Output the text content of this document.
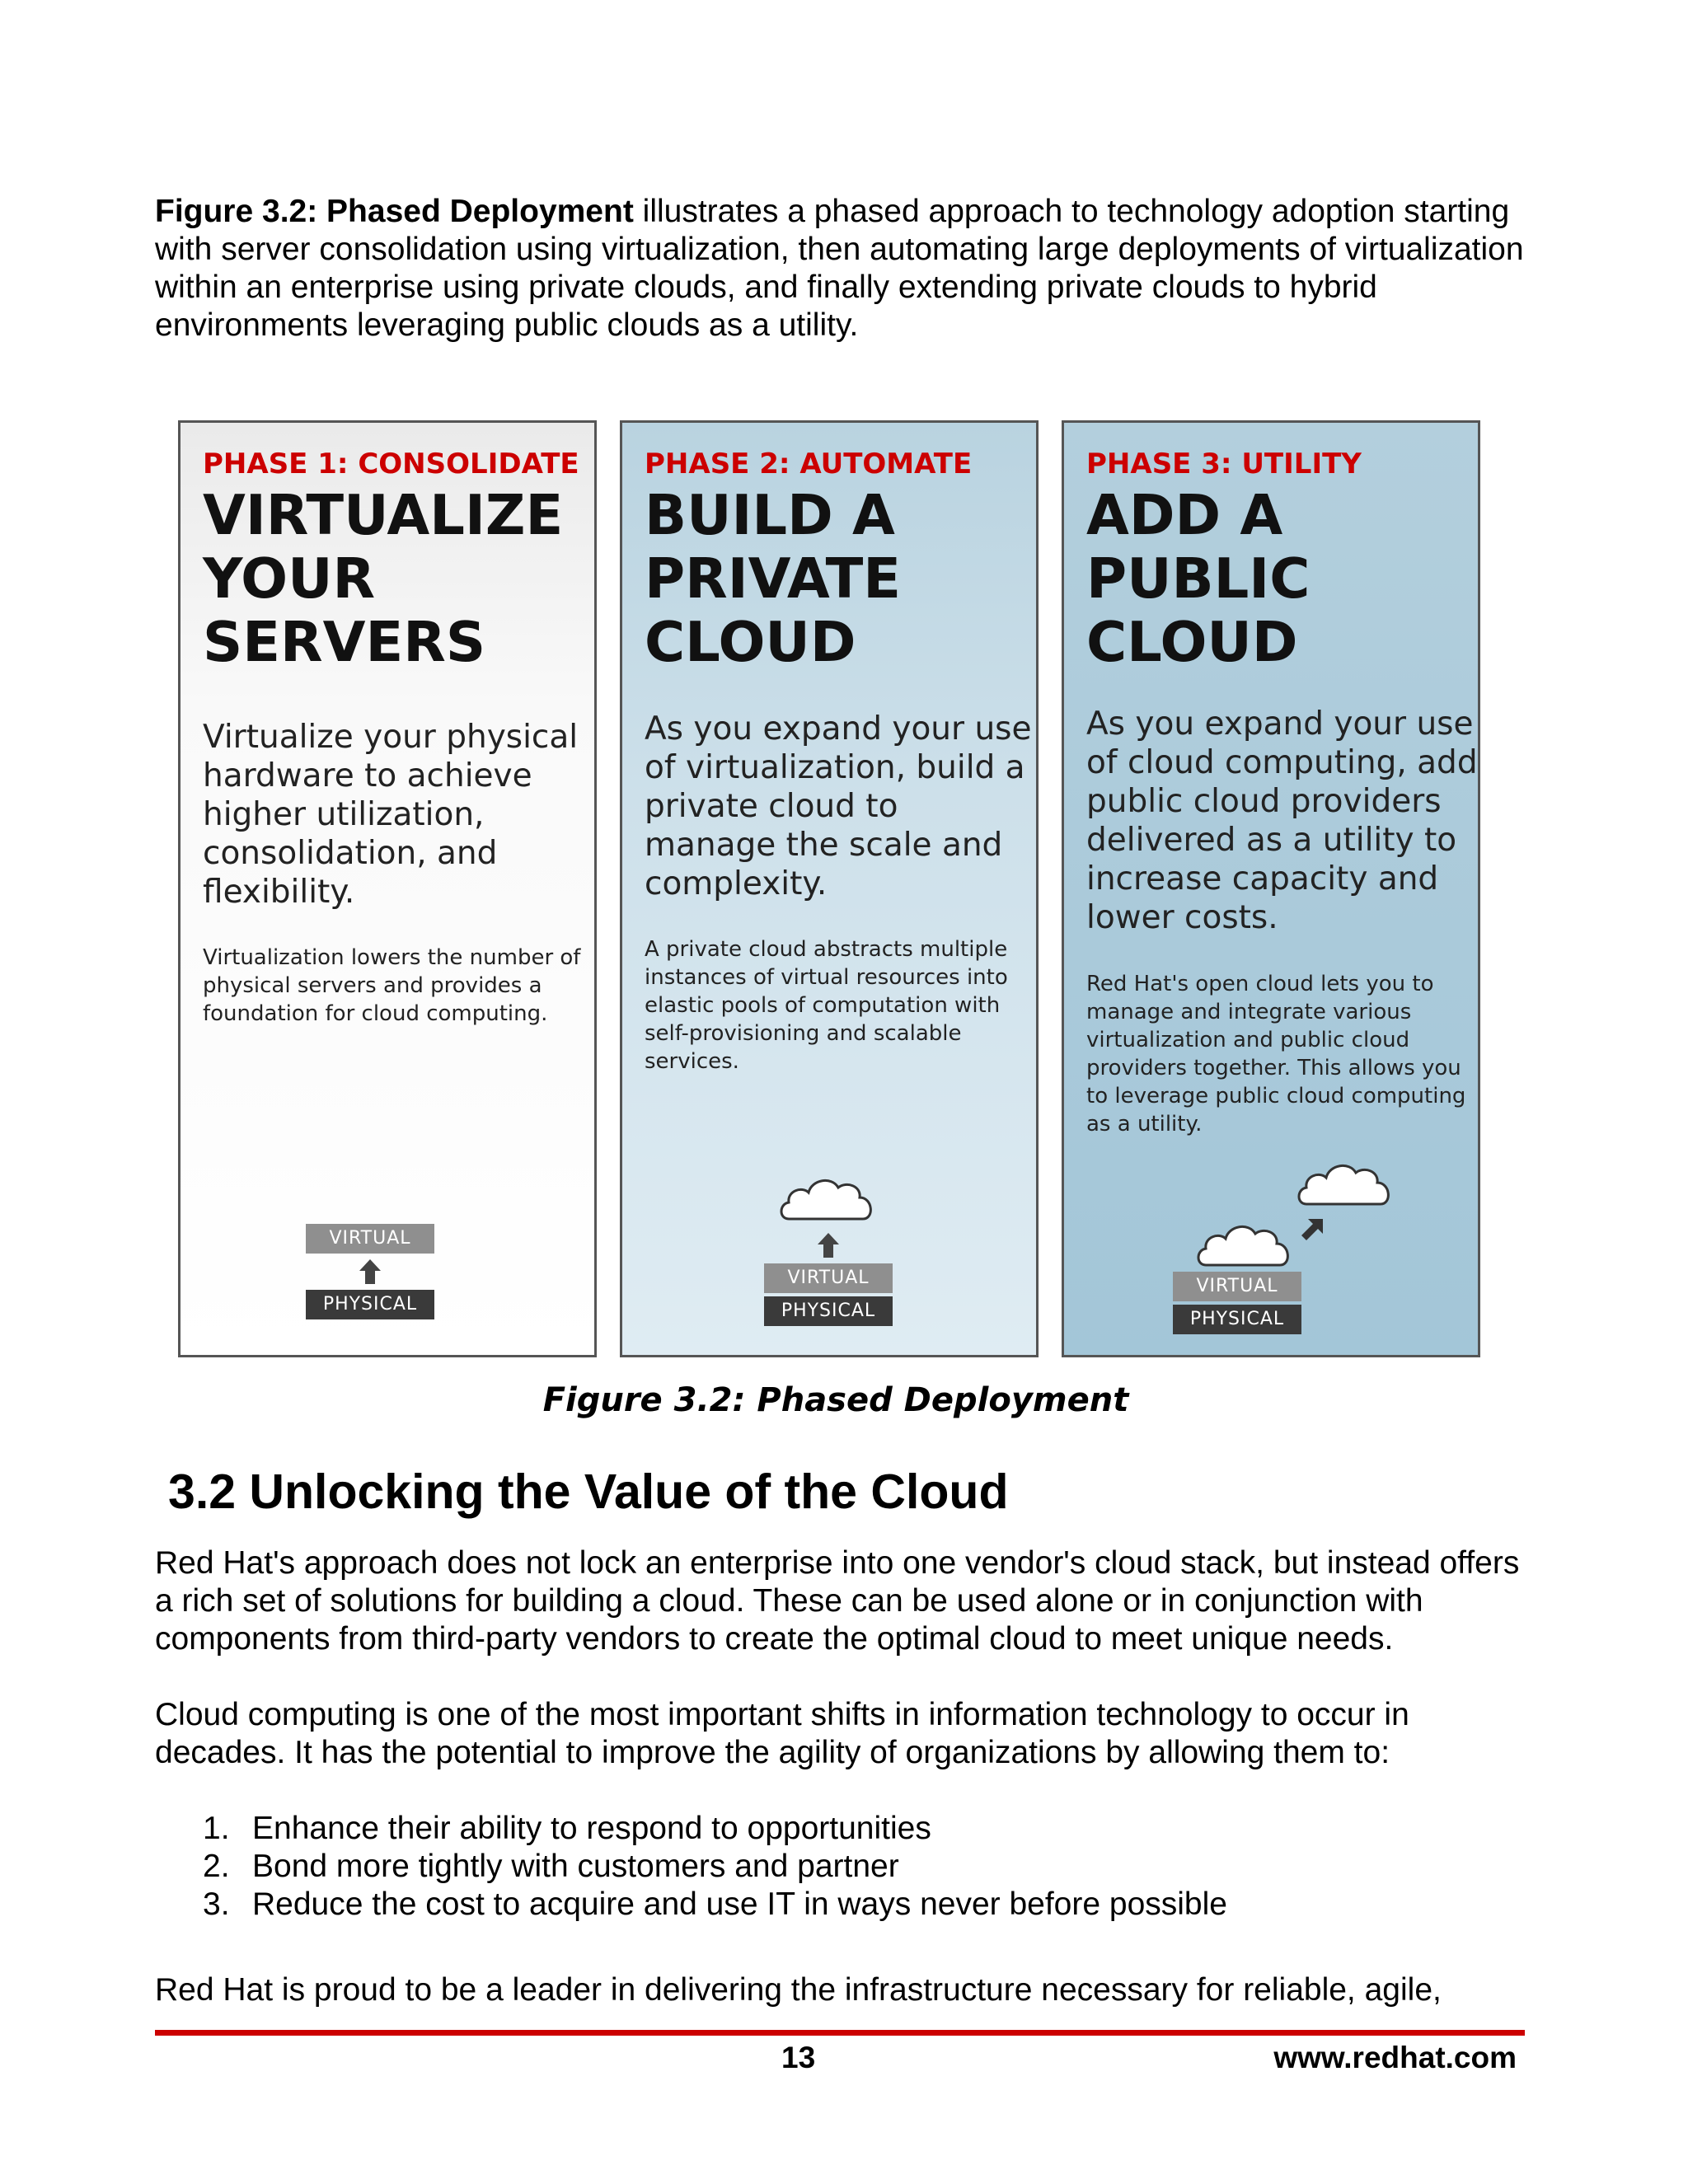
Figure 3.2: Phased Deployment illustrates a phased approach to technology adoption starting with server consolidation using virtualization, then automating large deployments of virtualization within an enterprise using private clouds, and finally extending private clouds to hybrid environments leveraging public clouds as a utility.
PHASE 1: CONSOLIDATE
VIRTUALIZE YOUR SERVERS
Virtualize your physical hardware to achieve higher utilization, consolidation, and flexibility.
Virtualization lowers the number of physical servers and provides a foundation for cloud computing.
VIRTUAL
PHYSICAL
PHASE 2: AUTOMATE
BUILD A PRIVATE CLOUD
As you expand your use of virtualization, build a private cloud to manage the scale and complexity.
A private cloud abstracts multiple instances of virtual resources into elastic pools of computation with self-provisioning and scalable services.
VIRTUAL
PHYSICAL
PHASE 3: UTILITY
ADD A PUBLIC CLOUD
As you expand your use of cloud computing, add public cloud providers delivered as a utility to increase capacity and lower costs.
Red Hat's open cloud lets you to manage and integrate various virtualization and public cloud providers together. This allows you to leverage public cloud computing as a utility.
VIRTUAL
PHYSICAL
Figure 3.2: Phased Deployment
3.2 Unlocking the Value of the Cloud
Red Hat's approach does not lock an enterprise into one vendor's cloud stack, but instead offers a rich set of solutions for building a cloud. These can be used alone or in conjunction with components from third-party vendors to create the optimal cloud to meet unique needs.
Cloud computing is one of the most important shifts in information technology to occur in decades. It has the potential to improve the agility of organizations by allowing them to:
1. Enhance their ability to respond to opportunities
2. Bond more tightly with customers and partner
3. Reduce the cost to acquire and use IT in ways never before possible
Red Hat is proud to be a leader in delivering the infrastructure necessary for reliable, agile,
13	www.redhat.com
